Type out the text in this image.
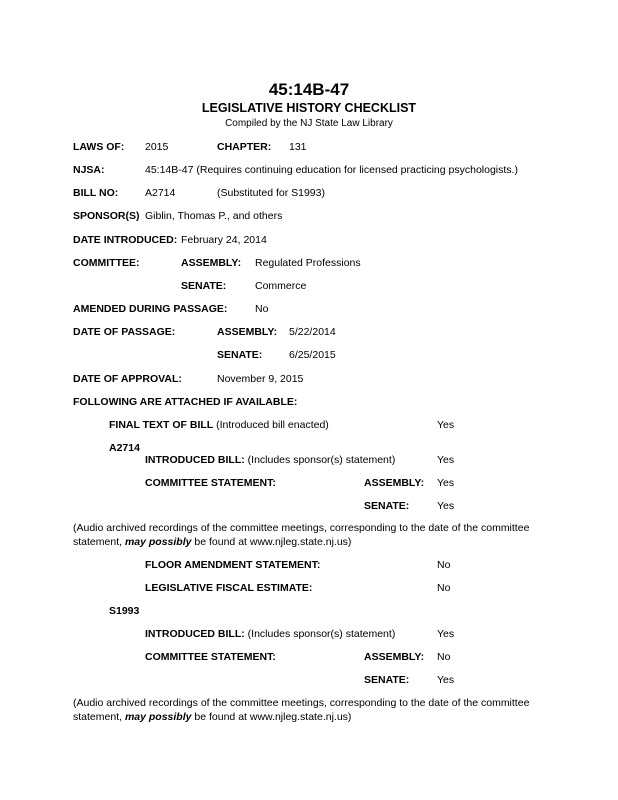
45:14B-47
LEGISLATIVE HISTORY CHECKLIST
Compiled by the NJ State Law Library
LAWS OF: 2015	CHAPTER: 131
NJSA:	45:14B-47 (Requires continuing education for licensed practicing psychologists.)
BILL NO:	A2714	(Substituted for S1993)
SPONSOR(S) Giblin, Thomas P., and others
DATE INTRODUCED: February 24, 2014
COMMITTEE:	ASSEMBLY: Regulated Professions
SENATE:	Commerce
AMENDED DURING PASSAGE:	No
DATE OF PASSAGE:	ASSEMBLY: 5/22/2014
SENATE:	6/25/2015
DATE OF APPROVAL:	November 9, 2015
FOLLOWING ARE ATTACHED IF AVAILABLE:
FINAL TEXT OF BILL (Introduced bill enacted)	Yes
A2714
INTRODUCED BILL: (Includes sponsor(s) statement)	Yes
COMMITTEE STATEMENT:	ASSEMBLY: Yes
SENATE:	Yes
(Audio archived recordings of the committee meetings, corresponding to the date of the committee statement, may possibly be found at www.njleg.state.nj.us)
FLOOR AMENDMENT STATEMENT:	No
LEGISLATIVE FISCAL ESTIMATE:	No
S1993
INTRODUCED BILL: (Includes sponsor(s) statement)	Yes
COMMITTEE STATEMENT:	ASSEMBLY: No
SENATE:	Yes
(Audio archived recordings of the committee meetings, corresponding to the date of the committee statement, may possibly be found at www.njleg.state.nj.us)
